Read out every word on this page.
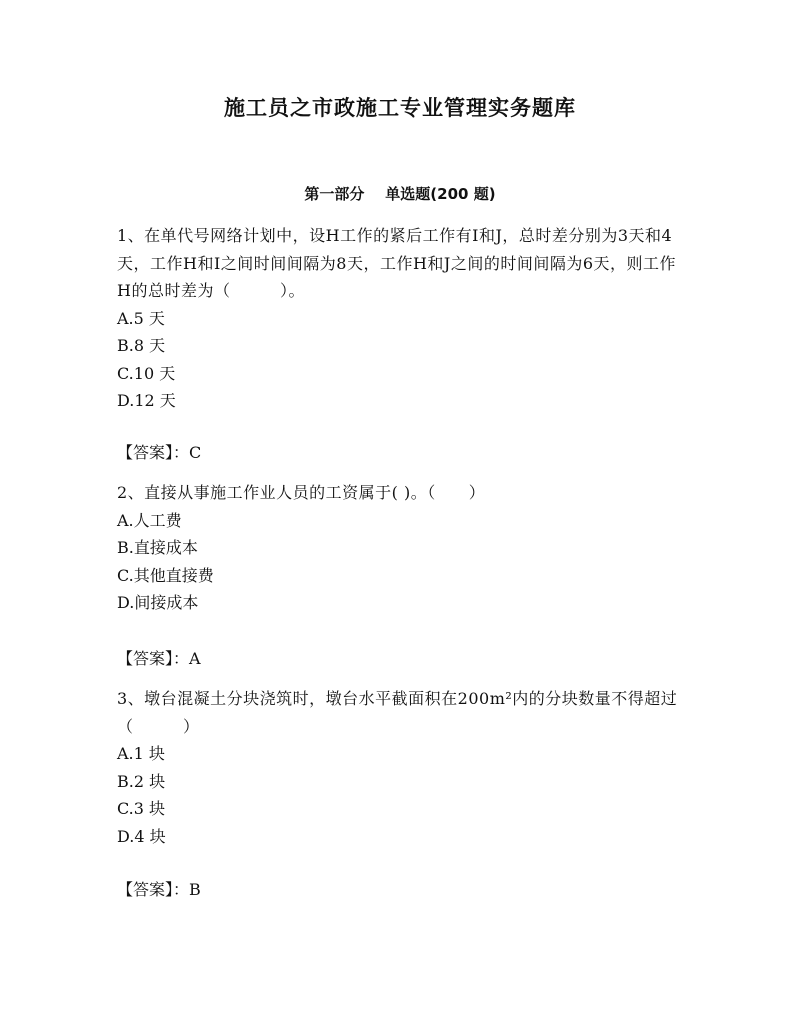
施工员之市政施工专业管理实务题库
第一部分    单选题(200 题)

1、在单代号网络计划中，设H工作的紧后工作有I和J，总时差分别为3天和4天，工作H和I之间时间间隔为8天，工作H和J之间的时间间隔为6天，则工作H的总时差为（　　　）。

A.5 天

B.8 天

C.10 天

D.12 天

【答案】：C

2、直接从事施工作业人员的工资属于( )。（　　）

A.人工费

B.直接成本

C.其他直接费

D.间接成本

【答案】：A

3、墩台混凝土分块浇筑时，墩台水平截面积在200m²内的分块数量不得超过（　　　）

A.1 块

B.2 块

C.3 块

D.4 块

【答案】：B
